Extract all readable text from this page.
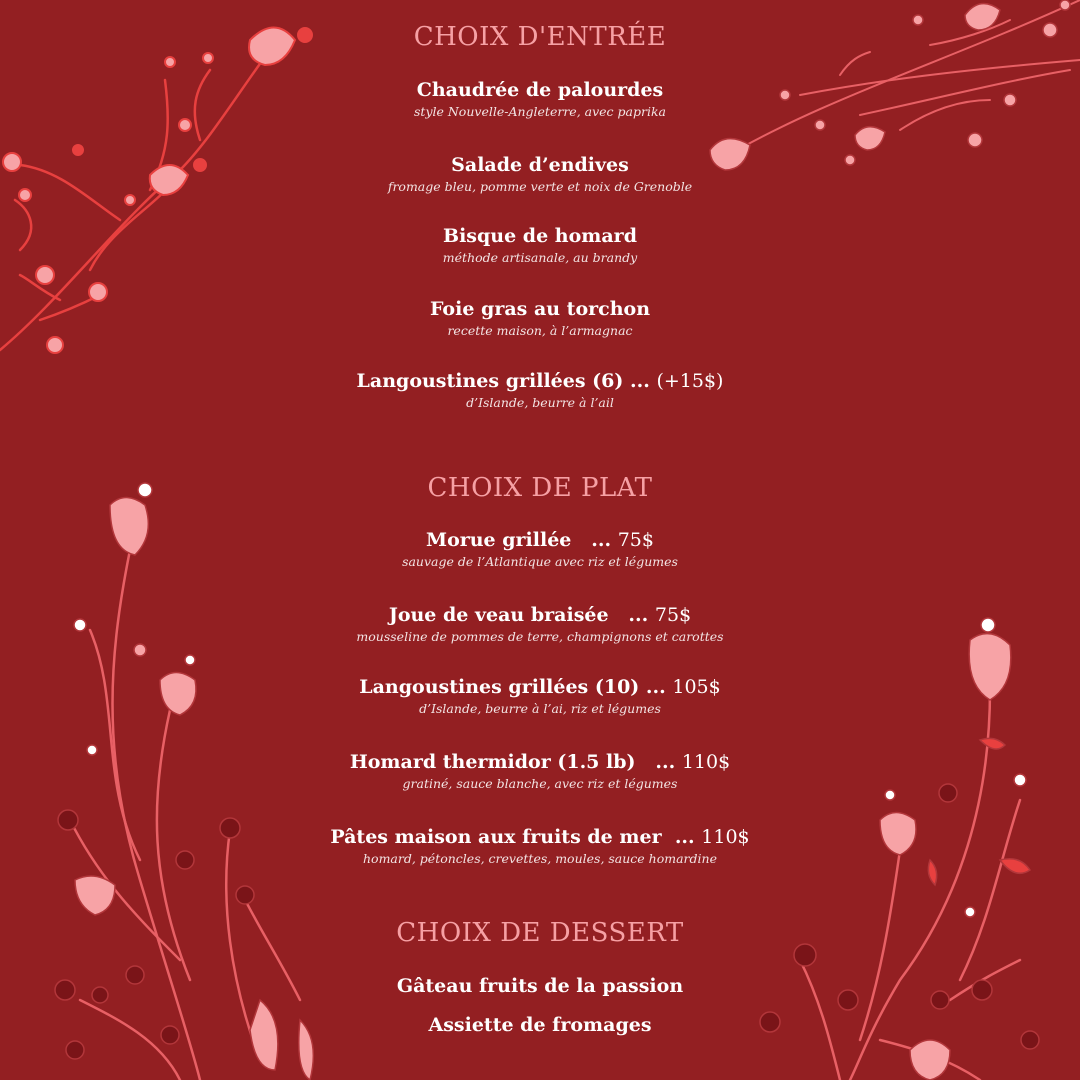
CHOIX D'ENTRÉE
Chaudrée de palourdes
style Nouvelle-Angleterre, avec paprika
Salade d’endives
fromage bleu, pomme verte et noix de Grenoble
Bisque de homard
méthode artisanale, au brandy
Foie gras au torchon
recette maison, à l’armagnac
Langoustines grillées (6) ... (+15$)
d’Islande, beurre à l’ail
CHOIX DE PLAT
Morue grillée   ... 75$
sauvage de l’Atlantique avec riz et légumes
Joue de veau braisée   ... 75$
mousseline de pommes de terre, champignons et carottes
Langoustines grillées (10) ... 105$
d’Islande, beurre à l’ai, riz et légumes
Homard thermidor (1.5 lb)   ... 110$
gratiné, sauce blanche, avec riz et légumes
Pâtes maison aux fruits de mer  ... 110$
homard, pétoncles, crevettes, moules, sauce homardine
CHOIX DE DESSERT
Gâteau fruits de la passion
Assiette de fromages
